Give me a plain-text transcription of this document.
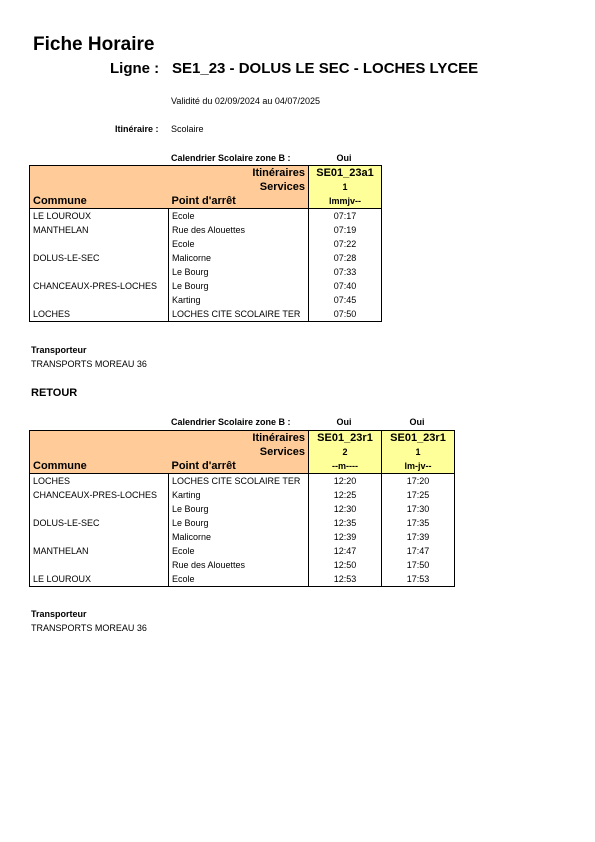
Fiche Horaire
Ligne : SE1_23 - DOLUS LE SEC - LOCHES LYCEE
Validité du 02/09/2024 au 04/07/2025
Itinéraire : Scolaire
Calendrier Scolaire zone B :	Oui
	Itinéraires	SE01_23a1
	Services	1
Commune	Point d'arrêt	lmmjv--
LE LOUROUX	Ecole	07:17
MANTHELAN	Rue des Alouettes	07:19
	Ecole	07:22
DOLUS-LE-SEC	Malicorne	07:28
	Le Bourg	07:33
CHANCEAUX-PRES-LOCHES	Le Bourg	07:40
	Karting	07:45
LOCHES	LOCHES CITE SCOLAIRE TER	07:50
Transporteur
TRANSPORTS MOREAU 36
RETOUR
Calendrier Scolaire zone B :	Oui	Oui
	Itinéraires	SE01_23r1	SE01_23r1
	Services	2	1
Commune	Point d'arrêt	--m----	lm-jv--
LOCHES	LOCHES CITE SCOLAIRE TER	12:20	17:20
CHANCEAUX-PRES-LOCHES	Karting	12:25	17:25
	Le Bourg	12:30	17:30
DOLUS-LE-SEC	Le Bourg	12:35	17:35
	Malicorne	12:39	17:39
MANTHELAN	Ecole	12:47	17:47
	Rue des Alouettes	12:50	17:50
LE LOUROUX	Ecole	12:53	17:53
Transporteur
TRANSPORTS MOREAU 36
